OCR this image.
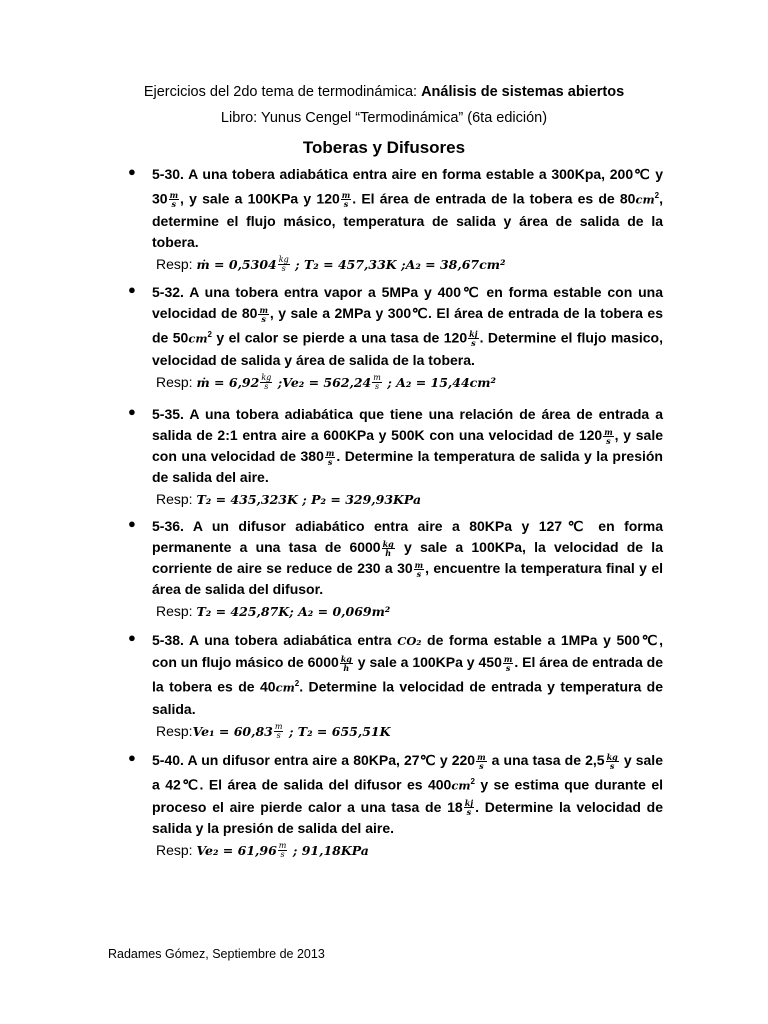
Ejercicios del 2do tema de termodinámica: Análisis de sistemas abiertos
Libro: Yunus Cengel “Termodinámica” (6ta edición)
Toberas y Difusores
● 5-30. A una tobera adiabática entra aire en forma estable a 300Kpa, 200℃ y $30 \frac{m}{s}$ , y sale a 100KPa y $120 \frac{m}{s}$ . El área de entrada de la tobera es de $80cm^2$, determine el flujo másico, temperatura de salida y área de salida de la tobera.
Resp: ṁ = $0,5304 \frac{kg}{s}$ ; T₂ = 457,33K ;A₂ = 38,67cm²
● 5-32. A una tobera entra vapor a 5MPa y 400℃ en forma estable con una velocidad de $80 \frac{m}{s}$ , y sale a 2MPa y 300℃. El área de entrada de la tobera es de $50cm^2$ y el calor se pierde a una tasa de $120 \frac{kj}{s}$ . Determine el flujo masico, velocidad de salida y área de salida de la tobera.
Resp: ṁ = $6,92 \frac{kg}{s}$ ;Ve₂ = $562,24 \frac{m}{s}$ ; A₂ = 15,44cm²
● 5-35. A una tobera adiabática que tiene una relación de área de entrada a salida de 2:1 entra aire a 600KPa y 500K con una velocidad de $120 \frac{m}{s}$ , y sale con una velocidad de $380 \frac{m}{s}$ . Determine la temperatura de salida y la presión de salida del aire.
Resp: T₂ = 435,323K ; P₂ = 329,93KPa
● 5-36. A un difusor adiabático entra aire a 80KPa y 127℃ en forma permanente a una tasa de $6000 \frac{kg}{h}$ y sale a 100KPa, la velocidad de la corriente de aire se reduce de 230 a $30 \frac{m}{s}$ , encuentre la temperatura final y el área de salida del difusor.
Resp: T₂ = 425,87K; A₂ = 0,069m²
● 5-38. A una tobera adiabática entra CO₂ de forma estable a 1MPa y 500℃, con un flujo másico de $6000 \frac{kg}{h}$ y sale a 100KPa y $450 \frac{m}{s}$ . El área de entrada de la tobera es de $40cm^2$. Determine la velocidad de entrada y temperatura de salida.
Resp:Ve₁ = $60,83 \frac{m}{s}$ ; T₂ = 655,51K
● 5-40. A un difusor entra aire a 80KPa, 27℃ y $220 \frac{m}{s}$ a una tasa de $2,5 \frac{kg}{s}$ y sale a 42℃. El área de salida del difusor es $400cm^2$ y se estima que durante el proceso el aire pierde calor a una tasa de $18 \frac{kj}{s}$ . Determine la velocidad de salida y la presión de salida del aire.
Resp: $Ve_2 = 61,96 \frac{m}{s}$ ; 91,18KPa
Radames Gómez, Septiembre de 2013
